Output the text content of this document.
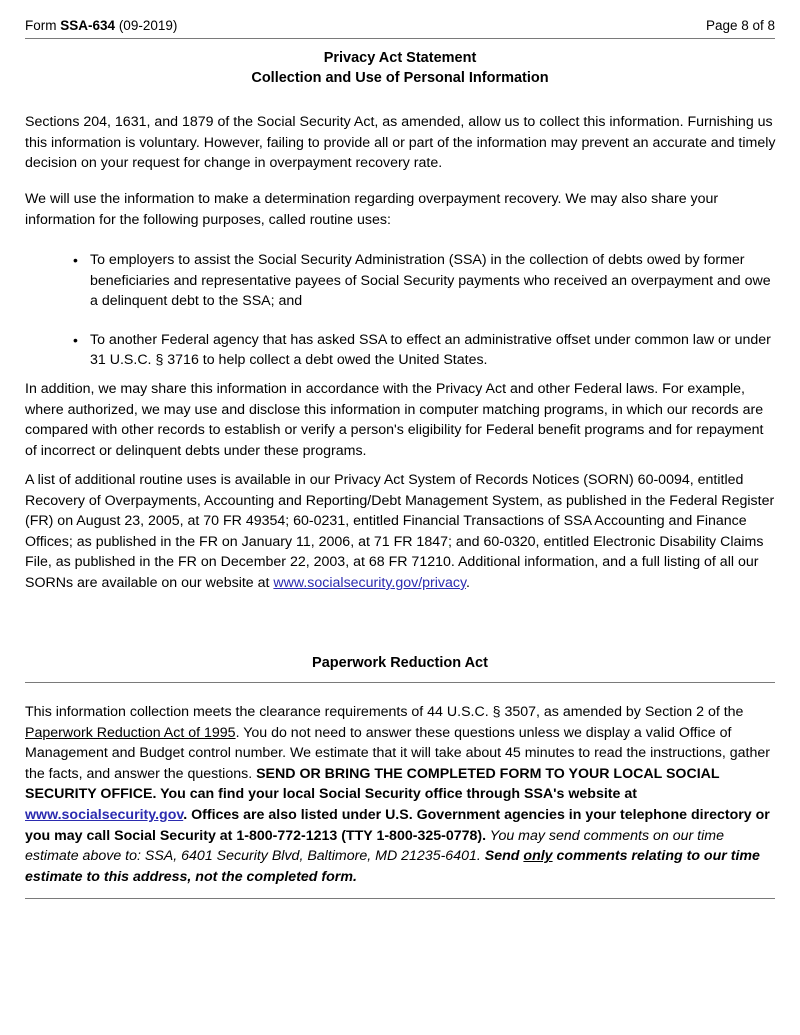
Form SSA-634 (09-2019)	Page 8 of 8
Privacy Act Statement
Collection and Use of Personal Information

Sections 204, 1631, and 1879 of the Social Security Act, as amended, allow us to collect this information. Furnishing us this information is voluntary. However, failing to provide all or part of the information may prevent an accurate and timely decision on your request for change in overpayment recovery rate.

We will use the information to make a determination regarding overpayment recovery. We may also share your information for the following purposes, called routine uses:

• To employers to assist the Social Security Administration (SSA) in the collection of debts owed by former beneficiaries and representative payees of Social Security payments who received an overpayment and owe a delinquent debt to the SSA; and
• To another Federal agency that has asked SSA to effect an administrative offset under common law or under 31 U.S.C. § 3716 to help collect a debt owed the United States.

In addition, we may share this information in accordance with the Privacy Act and other Federal laws. For example, where authorized, we may use and disclose this information in computer matching programs, in which our records are compared with other records to establish or verify a person's eligibility for Federal benefit programs and for repayment of incorrect or delinquent debts under these programs.

A list of additional routine uses is available in our Privacy Act System of Records Notices (SORN) 60-0094, entitled Recovery of Overpayments, Accounting and Reporting/Debt Management System, as published in the Federal Register (FR) on August 23, 2005, at 70 FR 49354; 60-0231, entitled Financial Transactions of SSA Accounting and Finance Offices; as published in the FR on January 11, 2006, at 71 FR 1847; and 60-0320, entitled Electronic Disability Claims File, as published in the FR on December 22, 2003, at 68 FR 71210. Additional information, and a full listing of all our SORNs are available on our website at www.socialsecurity.gov/privacy.

Paperwork Reduction Act

This information collection meets the clearance requirements of 44 U.S.C. § 3507, as amended by Section 2 of the Paperwork Reduction Act of 1995. You do not need to answer these questions unless we display a valid Office of Management and Budget control number. We estimate that it will take about 45 minutes to read the instructions, gather the facts, and answer the questions. SEND OR BRING THE COMPLETED FORM TO YOUR LOCAL SOCIAL SECURITY OFFICE. You can find your local Social Security office through SSA's website at www.socialsecurity.gov. Offices are also listed under U.S. Government agencies in your telephone directory or you may call Social Security at 1-800-772-1213 (TTY 1-800-325-0778). You may send comments on our time estimate above to: SSA, 6401 Security Blvd, Baltimore, MD 21235-6401. Send only comments relating to our time estimate to this address, not the completed form.
